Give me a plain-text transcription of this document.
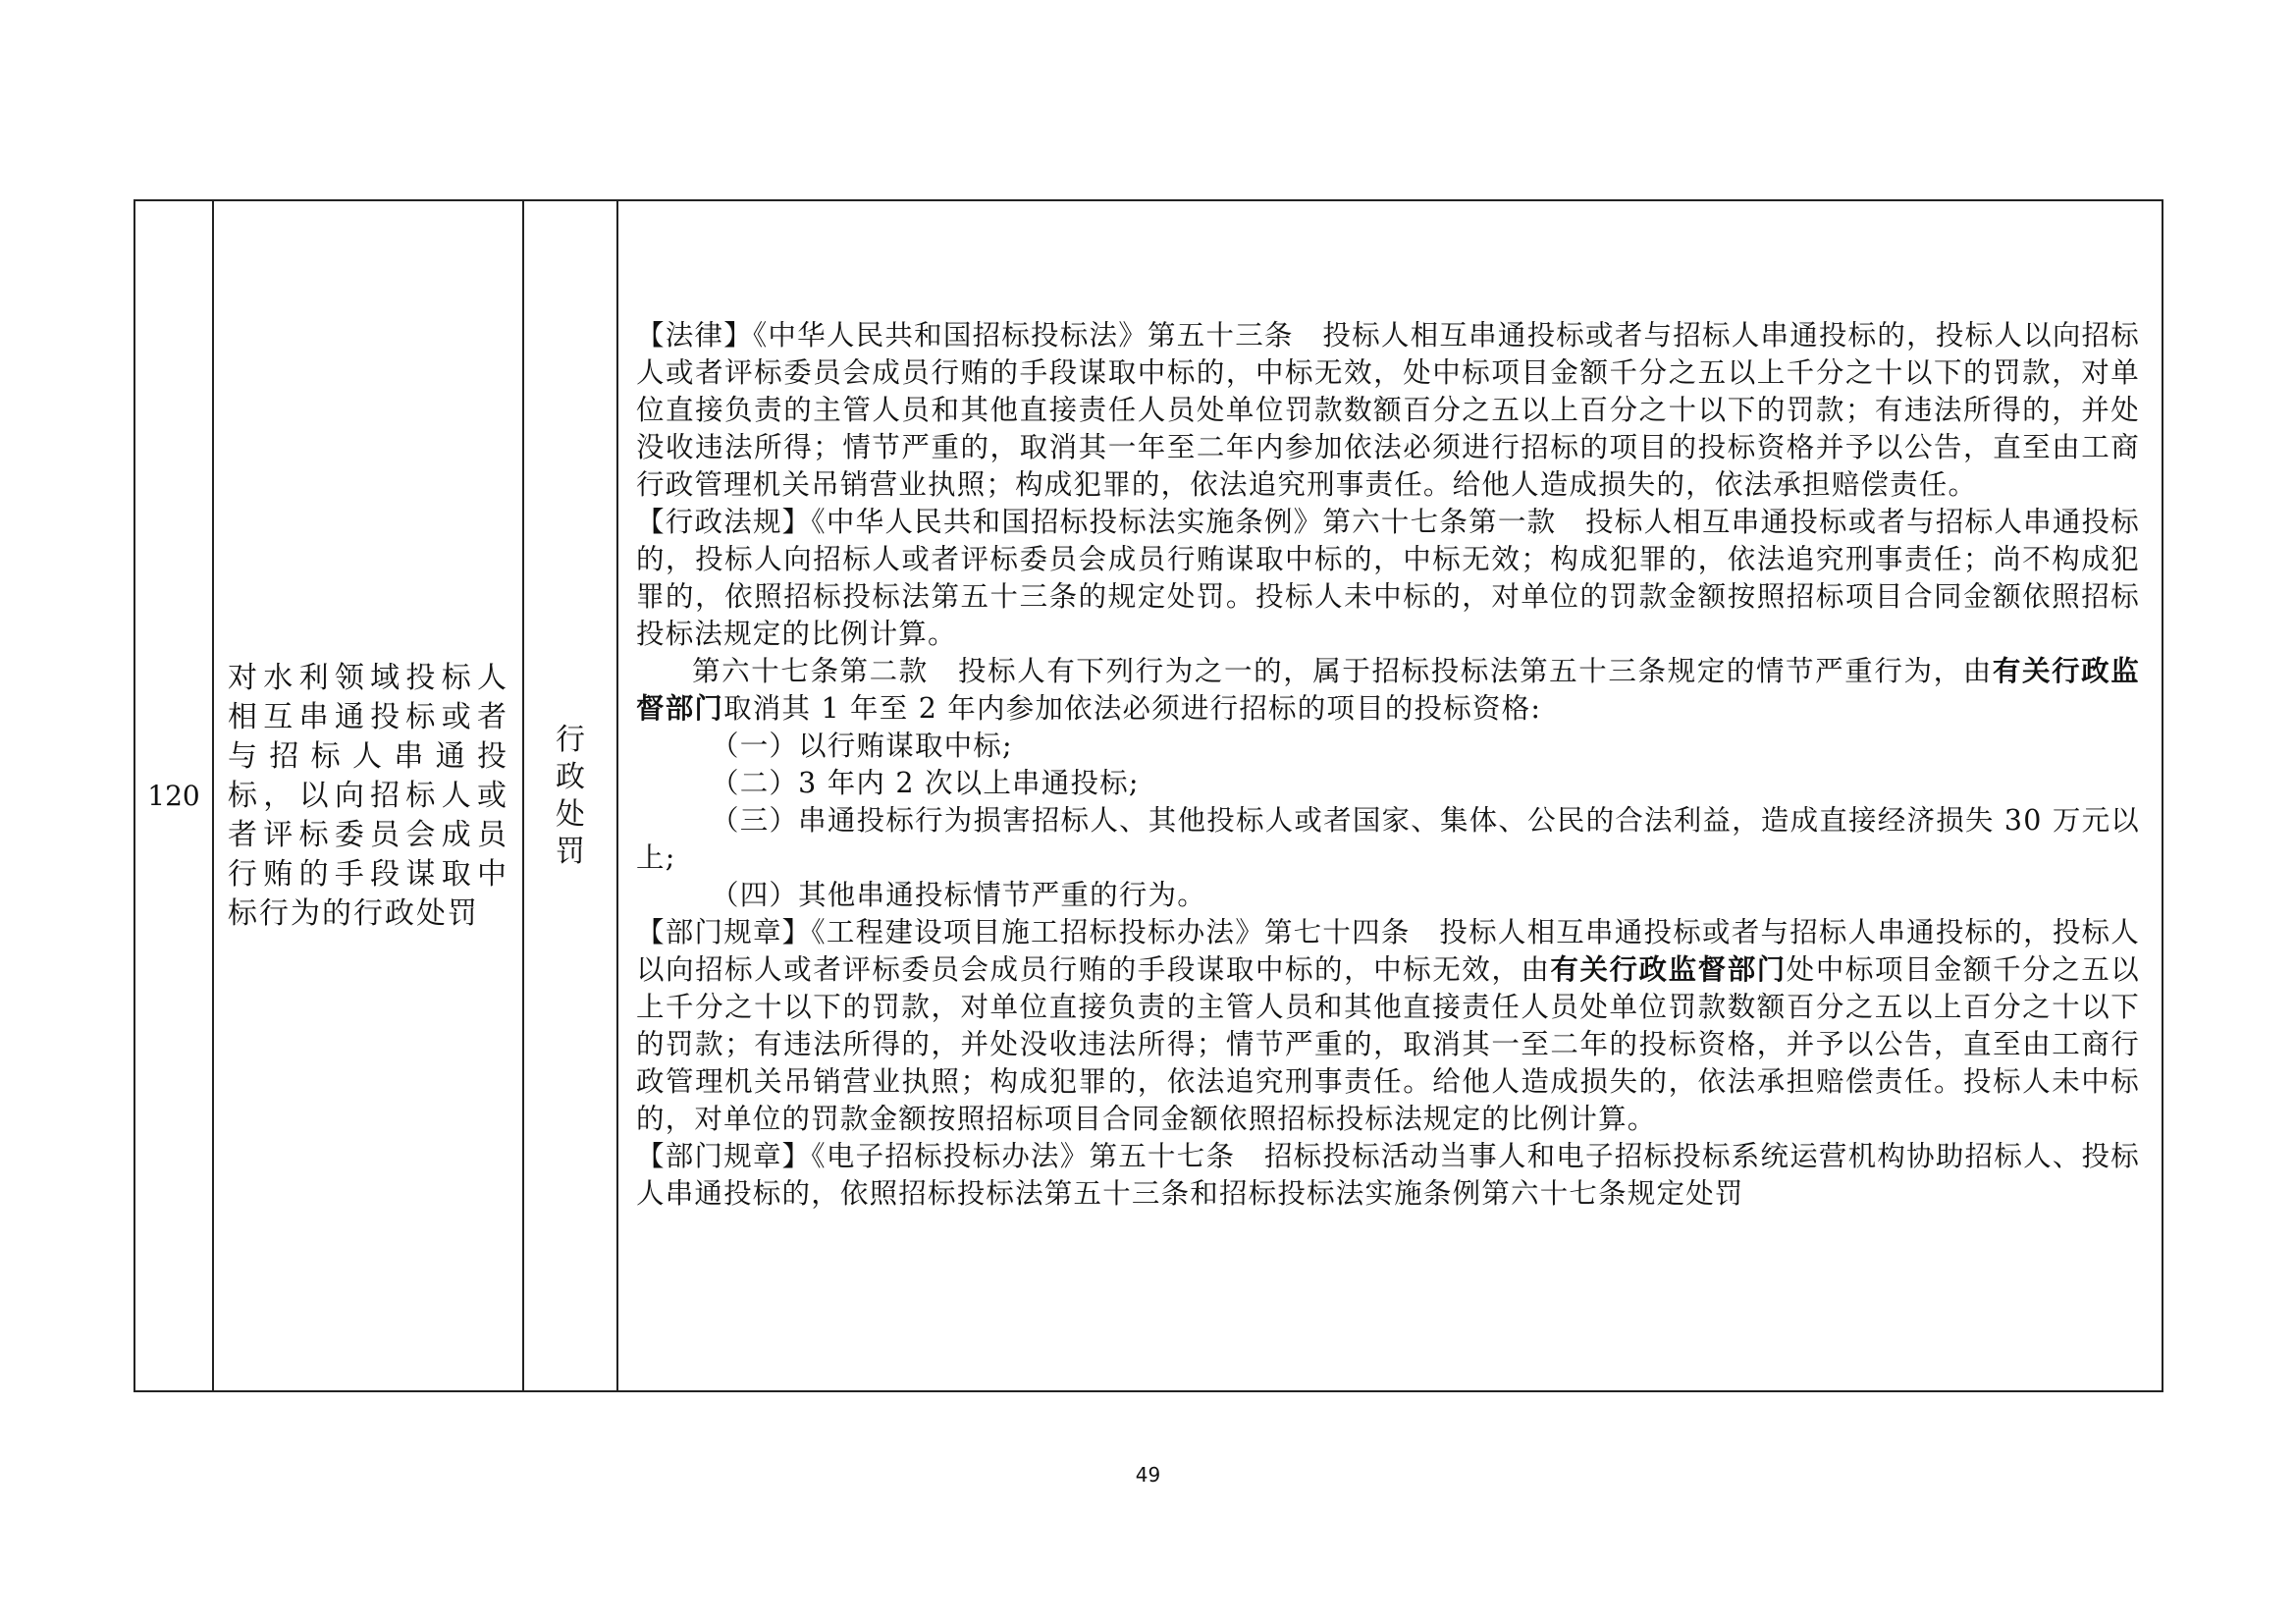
120
对水利领域投标人相互串通投标或者与招标人串通投标，以向招标人或者评标委员会成员行贿的手段谋取中标行为的行政处罚
行政处罚

【法律】《中华人民共和国招标投标法》第五十三条　投标人相互串通投标或者与招标人串通投标的，投标人以向招标人或者评标委员会成员行贿的手段谋取中标的，中标无效，处中标项目金额千分之五以上千分之十以下的罚款，对单位直接负责的主管人员和其他直接责任人员处单位罚款数额百分之五以上百分之十以下的罚款；有违法所得的，并处没收违法所得；情节严重的，取消其一年至二年内参加依法必须进行招标的项目的投标资格并予以公告，直至由工商行政管理机关吊销营业执照；构成犯罪的，依法追究刑事责任。给他人造成损失的，依法承担赔偿责任。

【行政法规】《中华人民共和国招标投标法实施条例》第六十七条第一款　投标人相互串通投标或者与招标人串通投标的，投标人向招标人或者评标委员会成员行贿谋取中标的，中标无效；构成犯罪的，依法追究刑事责任；尚不构成犯罪的，依照招标投标法第五十三条的规定处罚。投标人未中标的，对单位的罚款金额按照招标项目合同金额依照招标投标法规定的比例计算。

第六十七条第二款　投标人有下列行为之一的，属于招标投标法第五十三条规定的情节严重行为，由有关行政监督部门取消其 1 年至 2 年内参加依法必须进行招标的项目的投标资格:

（一）以行贿谋取中标;

（二）3 年内 2 次以上串通投标;

（三）串通投标行为损害招标人、其他投标人或者国家、集体、公民的合法利益，造成直接经济损失 30 万元以上;

（四）其他串通投标情节严重的行为。

【部门规章】《工程建设项目施工招标投标办法》第七十四条　投标人相互串通投标或者与招标人串通投标的，投标人以向招标人或者评标委员会成员行贿的手段谋取中标的，中标无效，由有关行政监督部门处中标项目金额千分之五以上千分之十以下的罚款，对单位直接负责的主管人员和其他直接责任人员处单位罚款数额百分之五以上百分之十以下的罚款；有违法所得的，并处没收违法所得；情节严重的，取消其一至二年的投标资格，并予以公告，直至由工商行政管理机关吊销营业执照；构成犯罪的，依法追究刑事责任。给他人造成损失的，依法承担赔偿责任。投标人未中标的，对单位的罚款金额按照招标项目合同金额依照招标投标法规定的比例计算。

【部门规章】《电子招标投标办法》第五十七条　招标投标活动当事人和电子招标投标系统运营机构协助招标人、投标人串通投标的，依照招标投标法第五十三条和招标投标法实施条例第六十七条规定处罚

49
